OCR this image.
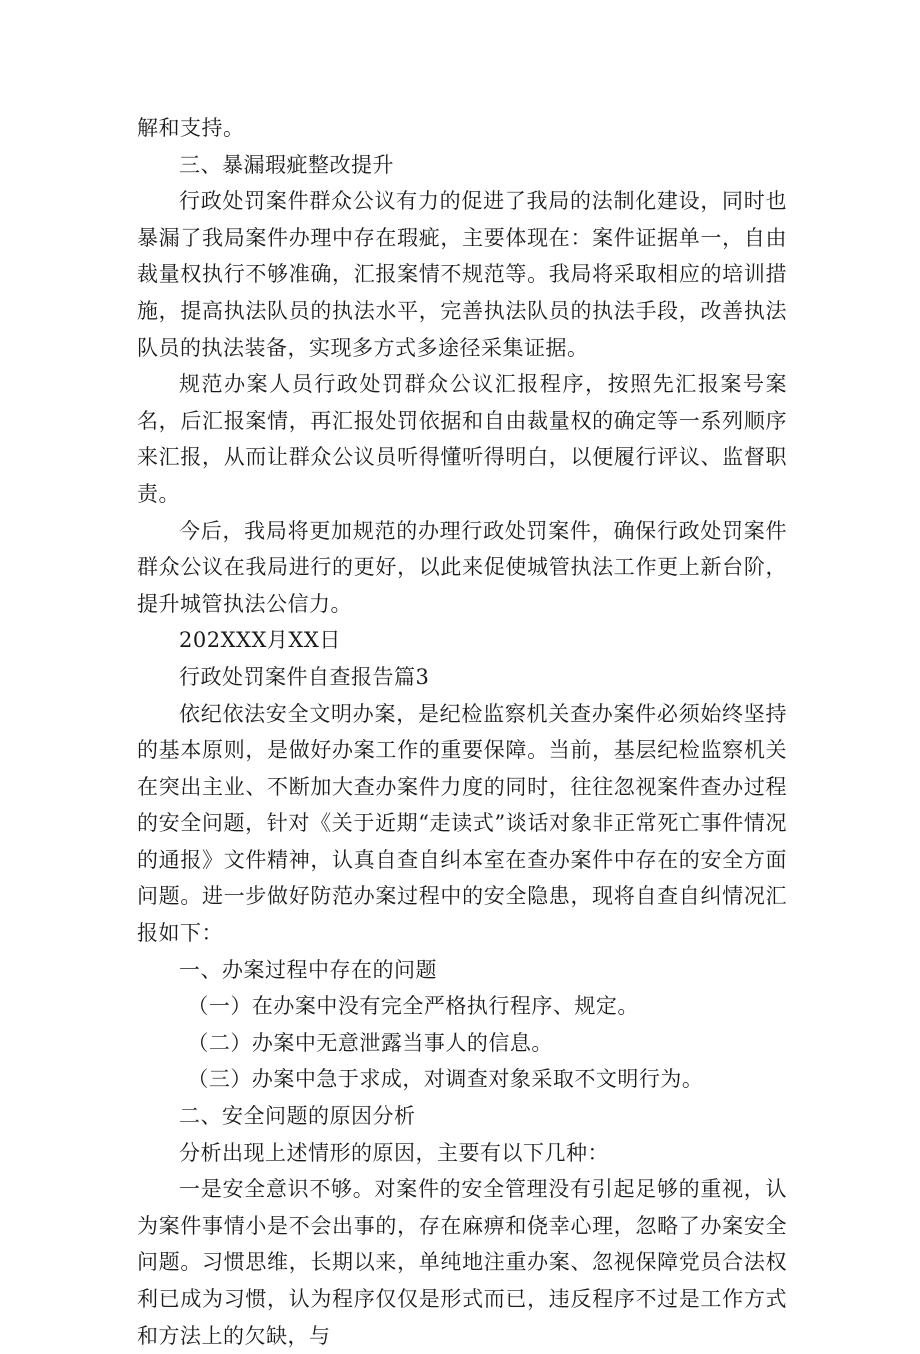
解和支持。

三、暴漏瑕疵整改提升

行政处罚案件群众公议有力的促进了我局的法制化建设，同时也暴漏了我局案件办理中存在瑕疵，主要体现在：案件证据单一，自由裁量权执行不够准确，汇报案情不规范等。我局将采取相应的培训措施，提高执法队员的执法水平，完善执法队员的执法手段，改善执法队员的执法装备，实现多方式多途径采集证据。

规范办案人员行政处罚群众公议汇报程序，按照先汇报案号案名，后汇报案情，再汇报处罚依据和自由裁量权的确定等一系列顺序来汇报，从而让群众公议员听得懂听得明白，以便履行评议、监督职责。

今后，我局将更加规范的办理行政处罚案件，确保行政处罚案件群众公议在我局进行的更好，以此来促使城管执法工作更上新台阶，提升城管执法公信力。

202XXX月XX日

行政处罚案件自查报告篇3

依纪依法安全文明办案，是纪检监察机关查办案件必须始终坚持的基本原则，是做好办案工作的重要保障。当前，基层纪检监察机关在突出主业、不断加大查办案件力度的同时，往往忽视案件查办过程的安全问题，针对《关于近期“走读式”谈话对象非正常死亡事件情况的通报》文件精神，认真自查自纠本室在查办案件中存在的安全方面问题。进一步做好防范办案过程中的安全隐患，现将自查自纠情况汇报如下：

一、办案过程中存在的问题

（一）在办案中没有完全严格执行程序、规定。

（二）办案中无意泄露当事人的信息。

（三）办案中急于求成，对调查对象采取不文明行为。

二、安全问题的原因分析

分析出现上述情形的原因，主要有以下几种：

一是安全意识不够。对案件的安全管理没有引起足够的重视，认为案件事情小是不会出事的，存在麻痹和侥幸心理，忽略了办案安全问题。习惯思维，长期以来，单纯地注重办案、忽视保障党员合法权利已成为习惯，认为程序仅仅是形式而已，违反程序不过是工作方式和方法上的欠缺，与
